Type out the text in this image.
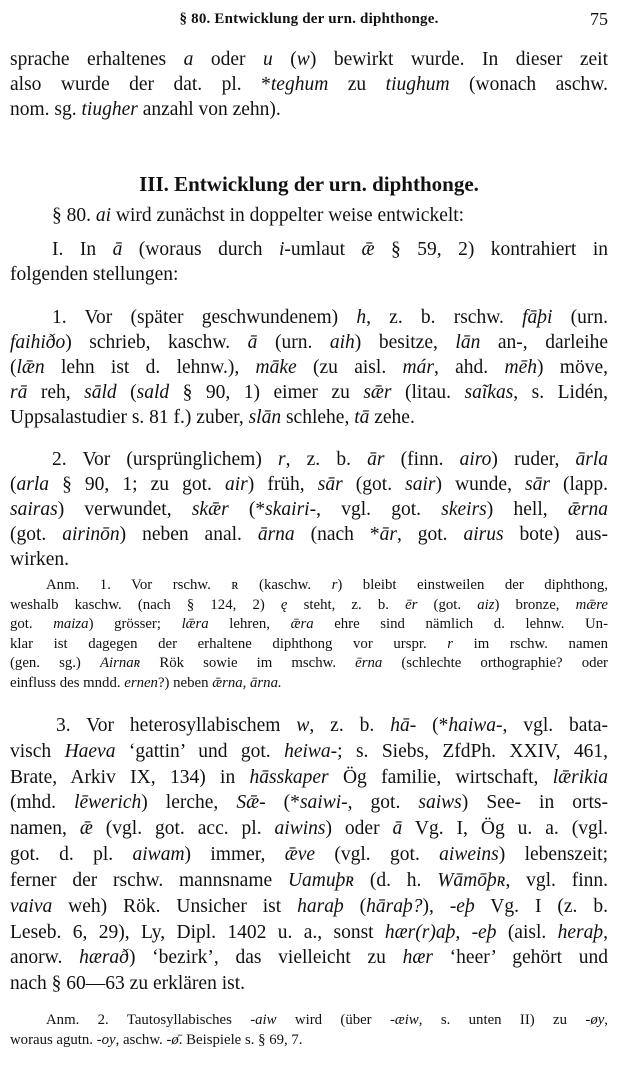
§ 80. Entwicklung der urn. diphthonge.	75
III. Entwicklung der urn. diphthonge.
sprache erhaltenes a oder u (w) bewirkt wurde. In dieser zeit
also wurde der dat. pl. *teghum zu tiughum (wonach aschw.
nom. sg. tiugher anzahl von zehn).
§ 80. ai wird zunächst in doppelter weise entwickelt:
I. In ā (woraus durch i-umlaut ǣ § 59, 2) kontrahiert in
folgenden stellungen:
1. Vor (später geschwundenem) h, z. b. rschw. fāþi (urn.
faihiðo) schrieb, kaschw. ā (urn. aih) besitze, lān an-, darleihe
(lǣn lehn ist d. lehnw.), māke (zu aisl. már, ahd. mēh) möve,
rā reh, sāld (sald § 90, 1) eimer zu sǣr (litau. saĩkas, s. Lidén,
Uppsalastudier s. 81 f.) zuber, slān schlehe, tā zehe.
2. Vor (ursprünglichem) r, z. b. ār (finn. airo) ruder, ārla
(arla § 90, 1; zu got. air) früh, sār (got. sair) wunde, sār (lapp.
sairas) verwundet, skǣr (*skairi-, vgl. got. skeirs) hell, ǣrna
(got. airinōn) neben anal. ārna (nach *ār, got. airus bote) aus-
wirken.
Anm. 1. Vor rschw. ʀ (kaschw. r) bleibt einstweilen der diphthong,
weshalb kaschw. (nach § 124, 2) ę steht, z. b. ēr (got. aiz) bronze, mǣre
got. maiza) grösser; lǣra lehren, ǣra ehre sind nämlich d. lehnw. Un-
klar ist dagegen der erhaltene diphthong vor urspr. r im rschw. namen
(gen. sg.) Airnaʀ Rök sowie im mschw. ērna (schlechte orthographie? oder
einfluss des mndd. ernen?) neben ǣrna, ārna.
3. Vor heterosyllabischem w, z. b. hā- (*haiwa-, vgl. bata-
visch Haeva ‘gattin’ und got. heiwa-; s. Siebs, ZfdPh. XXIV, 461,
Brate, Arkiv IX, 134) in hāsskaper Ög familie, wirtschaft, lǣrikia
(mhd. lēwerich) lerche, Sǣ- (*saiwi-, got. saiws) See- in orts-
namen, ǣ (vgl. got. acc. pl. aiwins) oder ā Vg. I, Ög u. a. (vgl.
got. d. pl. aiwam) immer, ǣve (vgl. got. aiweins) lebenszeit;
ferner der rschw. mannsname Uamuþʀ (d. h. Wāmōþʀ, vgl. finn.
vaiva weh) Rök. Unsicher ist haraþ (hāraþ?), -eþ Vg. I (z. b.
Leseb. 6, 29), Ly, Dipl. 1402 u. a., sonst hær(r)aþ, -eþ (aisl. heraþ,
anorw. hærað) ‘bezirk’, das vielleicht zu hær ‘heer’ gehört und
nach § 60—63 zu erklären ist.
Anm. 2. Tautosyllabisches -aiw wird (über -æiw, s. unten II) zu -øy,
woraus agutn. -oy, aschw. -ø̄. Beispiele s. § 69, 7.
